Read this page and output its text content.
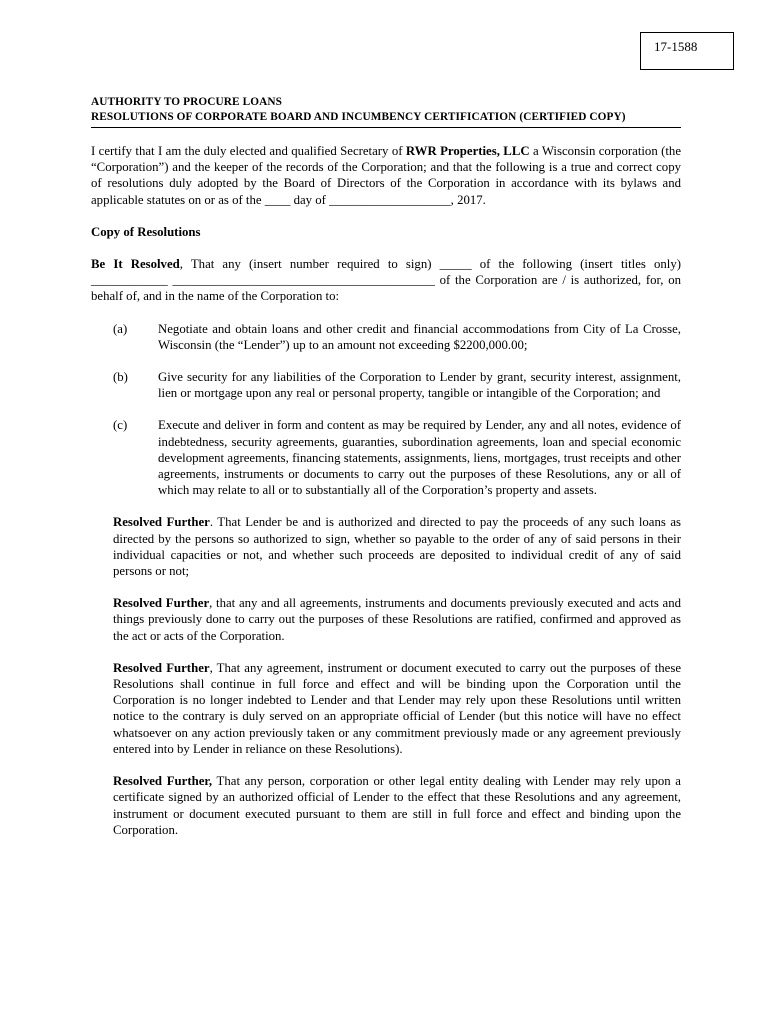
17-1588
AUTHORITY TO PROCURE LOANS
RESOLUTIONS OF CORPORATE BOARD AND INCUMBENCY CERTIFICATION (CERTIFIED COPY)

I certify that I am the duly elected and qualified Secretary of RWR Properties, LLC a Wisconsin corporation (the “Corporation”) and the keeper of the records of the Corporation; and that the following is a true and correct copy of resolutions duly adopted by the Board of Directors of the Corporation in accordance with its bylaws and applicable statutes on or as of the ____ day of ___________________, 2017.

Copy of Resolutions

Be It Resolved, That any (insert number required to sign) _____ of the following (insert titles only) ____________ _________________________________________ of the Corporation are / is authorized, for, on behalf of, and in the name of the Corporation to:

(a)	Negotiate and obtain loans and other credit and financial accommodations from City of La Crosse, Wisconsin (the “Lender”) up to an amount not exceeding $2200,000.00;
(b)	Give security for any liabilities of the Corporation to Lender by grant, security interest, assignment, lien or mortgage upon any real or personal property, tangible or intangible of the Corporation; and
(c)	Execute and deliver in form and content as may be required by Lender, any and all notes, evidence of indebtedness, security agreements, guaranties, subordination agreements, loan and special economic development agreements, financing statements, assignments, liens, mortgages, trust receipts and other agreements, instruments or documents to carry out the purposes of these Resolutions, any or all of which may relate to all or to substantially all of the Corporation’s property and assets.

Resolved Further. That Lender be and is authorized and directed to pay the proceeds of any such loans as directed by the persons so authorized to sign, whether so payable to the order of any of said persons in their individual capacities or not, and whether such proceeds are deposited to individual credit of any of said persons or not;

Resolved Further, that any and all agreements, instruments and documents previously executed and acts and things previously done to carry out the purposes of these Resolutions are ratified, confirmed and approved as the act or acts of the Corporation.

Resolved Further, That any agreement, instrument or document executed to carry out the purposes of these Resolutions shall continue in full force and effect and will be binding upon the Corporation until the Corporation is no longer indebted to Lender and that Lender may rely upon these Resolutions until written notice to the contrary is duly served on an appropriate official of Lender (but this notice will have no effect whatsoever on any action previously taken or any commitment previously made or any agreement previously entered into by Lender in reliance on these Resolutions).

Resolved Further, That any person, corporation or other legal entity dealing with Lender may rely upon a certificate signed by an authorized official of Lender to the effect that these Resolutions and any agreement, instrument or document executed pursuant to them are still in full force and effect and binding upon the Corporation.
